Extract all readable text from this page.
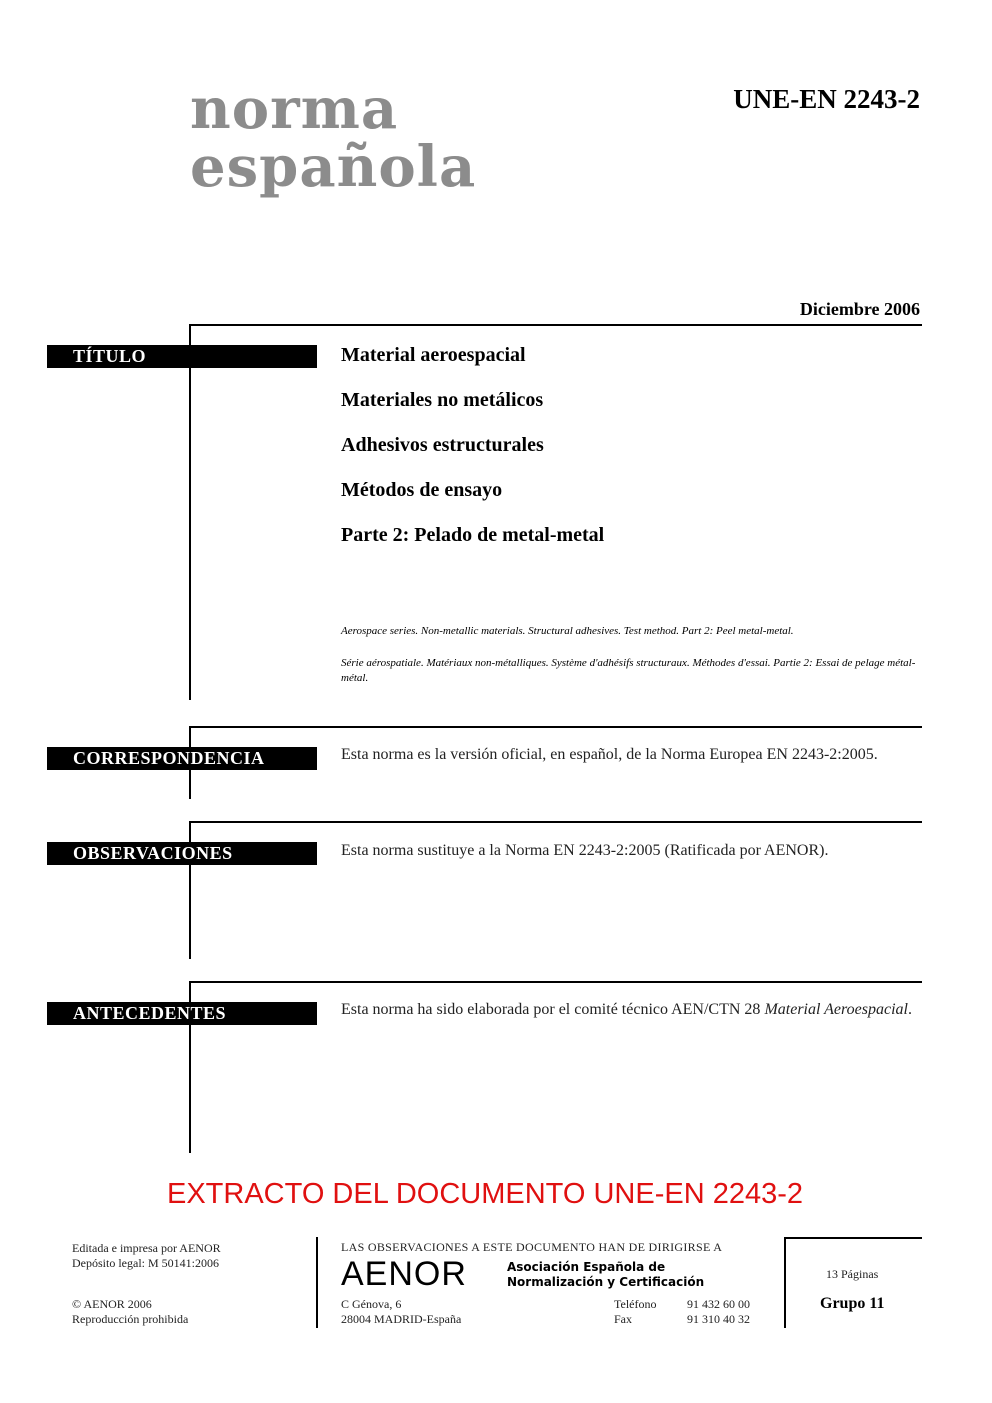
norma
española
UNE-EN 2243-2
Diciembre 2006
TÍTULO	Material aeroespacial
Materiales no metálicos
Adhesivos estructurales
Métodos de ensayo
Parte 2: Pelado de metal-metal
Aerospace series. Non-metallic materials. Structural adhesives. Test method. Part 2: Peel metal-metal.
Série aérospatiale. Matériaux non-métalliques. Système d'adhésifs structuraux. Méthodes d'essai. Partie 2: Essai de pelage métal-métal.
CORRESPONDENCIA	Esta norma es la versión oficial, en español, de la Norma Europea EN 2243-2:2005.
OBSERVACIONES	Esta norma sustituye a la Norma EN 2243-2:2005 (Ratificada por AENOR).
ANTECEDENTES	Esta norma ha sido elaborada por el comité técnico AEN/CTN 28 Material Aeroespacial.
EXTRACTO DEL DOCUMENTO UNE-EN 2243-2
Editada e impresa por AENOR
Depósito legal: M 50141:2006
© AENOR 2006
Reproducción prohibida
LAS OBSERVACIONES A ESTE DOCUMENTO HAN DE DIRIGIRSE A
AENOR	Asociación Española de
Normalización y Certificación
C Génova, 6
28004 MADRID-España
Teléfono	91 432 60 00
Fax	91 310 40 32
13 Páginas
Grupo 11
